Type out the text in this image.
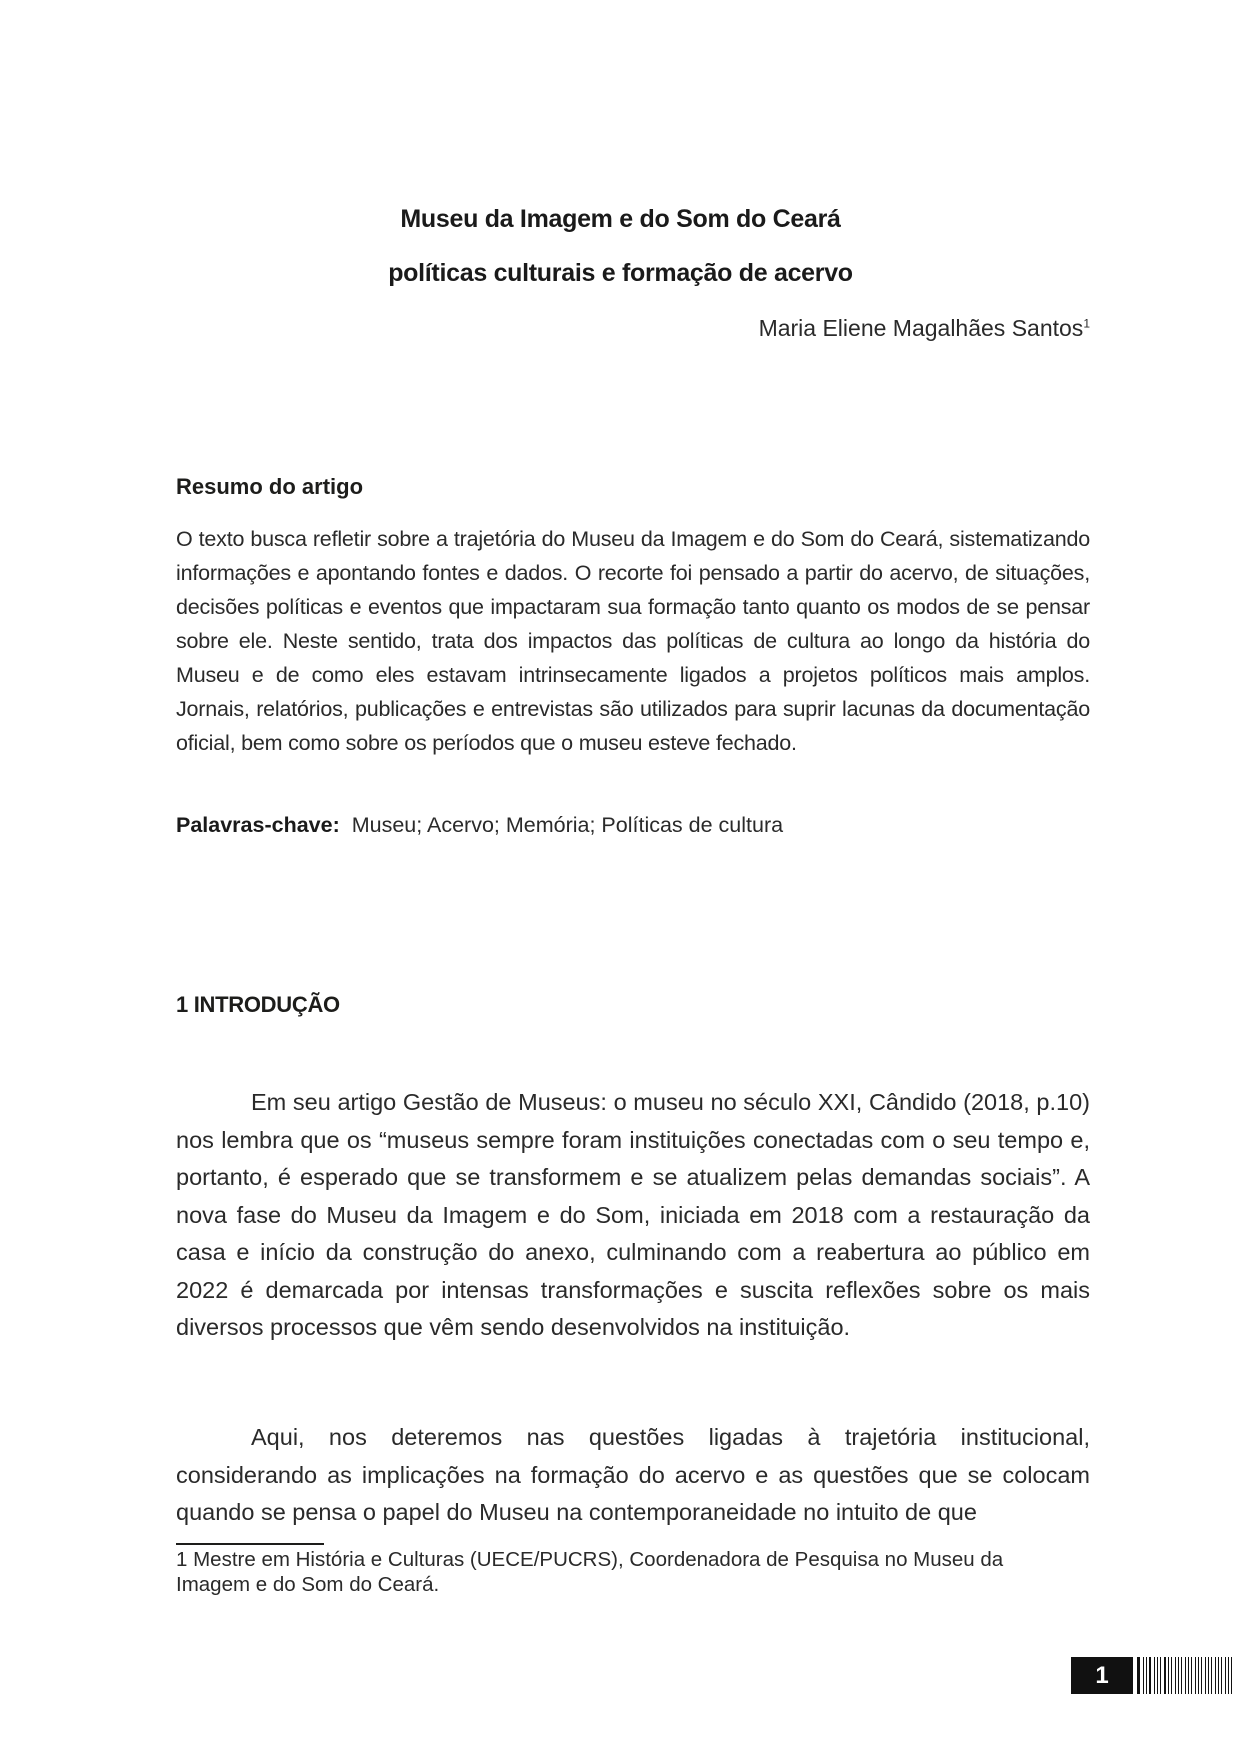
Museu da Imagem e do Som do Ceará
políticas culturais e formação de acervo
Maria Eliene Magalhães Santos$^1$
Resumo do artigo

O texto busca refletir sobre a trajetória do Museu da Imagem e do Som do Ceará, sistematizando informações e apontando fontes e dados. O recorte foi pensado a partir do acervo, de situações, decisões políticas e eventos que impactaram sua formação tanto quanto os modos de se pensar sobre ele. Neste sentido, trata dos impactos das políticas de cultura ao longo da história do Museu e de como eles estavam intrinsecamente ligados a projetos políticos mais amplos. Jornais, relatórios, publicações e entrevistas são utilizados para suprir lacunas da documentação oficial, bem como sobre os períodos que o museu esteve fechado.

Palavras-chave: Museu; Acervo; Memória; Políticas de cultura
1 INTRODUÇÃO

Em seu artigo Gestão de Museus: o museu no século XXI, Cândido (2018, p.10) nos lembra que os “museus sempre foram instituições conectadas com o seu tempo e, portanto, é esperado que se transformem e se atualizem pelas demandas sociais”. A nova fase do Museu da Imagem e do Som, iniciada em 2018 com a restauração da casa e início da construção do anexo, culminando com a reabertura ao público em 2022 é demarcada por intensas transformações e suscita reflexões sobre os mais diversos processos que vêm sendo desenvolvidos na instituição.

Aqui, nos deteremos nas questões ligadas à trajetória institucional, considerando as implicações na formação do acervo e as questões que se colocam quando se pensa o papel do Museu na contemporaneidade no intuito de que

1 Mestre em História e Culturas (UECE/PUCRS), Coordenadora de Pesquisa no Museu da Imagem e do Som do Ceará.

1
